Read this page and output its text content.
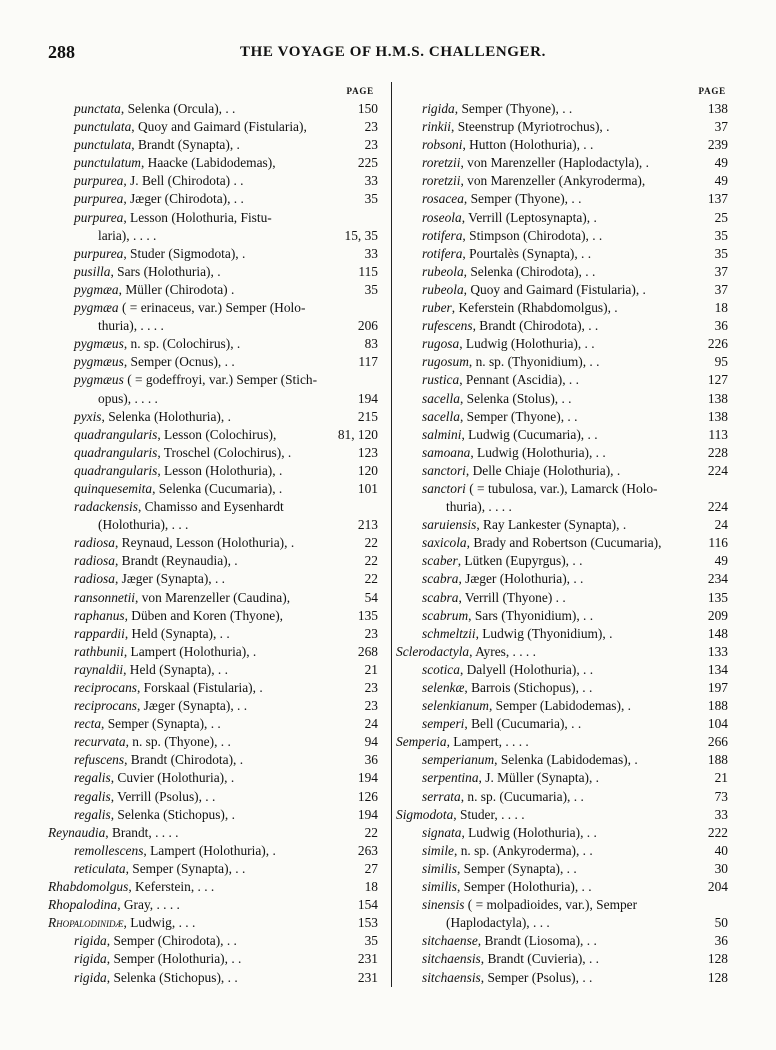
288	THE VOYAGE OF H.M.S. CHALLENGER.
PAGE
punctata, Selenka (Orcula), . .	150
punctulata, Quoy and Gaimard (Fistularia),	23
punctulata, Brandt (Synapta), .	23
punctulatum, Haacke (Labidodemas),	225
purpurea, J. Bell (Chirodota) . .	33
purpurea, Jæger (Chirodota), . .	35
purpurea, Lesson (Holothuria, Fistu-
laria), . . . .	15, 35
purpurea, Studer (Sigmodota), .	33
pusilla, Sars (Holothuria), .	115
pygmæa, Müller (Chirodota) .	35
pygmæa ( = erinaceus, var.) Semper (Holo-
thuria), . . . .	206
pygmæus, n. sp. (Colochirus), .	83
pygmæus, Semper (Ocnus), . .	117
pygmæus ( = godeffroyi, var.) Semper (Stich-
opus), . . . .	194
pyxis, Selenka (Holothuria), .	215
quadrangularis, Lesson (Colochirus),	81, 120
quadrangularis, Troschel (Colochirus), .	123
quadrangularis, Lesson (Holothuria), .	120
quinquesemita, Selenka (Cucumaria), .	101
radackensis, Chamisso and Eysenhardt
(Holothuria), . . .	213
radiosa, Reynaud, Lesson (Holothuria), .	22
radiosa, Brandt (Reynaudia), .	22
radiosa, Jæger (Synapta), . .	22
ransonnetii, von Marenzeller (Caudina),	54
raphanus, Düben and Koren (Thyone),	135
rappardii, Held (Synapta), . .	23
rathbunii, Lampert (Holothuria), .	268
raynaldii, Held (Synapta), . .	21
reciprocans, Forskaal (Fistularia), .	23
reciprocans, Jæger (Synapta), . .	23
recta, Semper (Synapta), . .	24
recurvata, n. sp. (Thyone), . .	94
refuscens, Brandt (Chirodota), .	36
regalis, Cuvier (Holothuria), .	194
regalis, Verrill (Psolus), . .	126
regalis, Selenka (Stichopus), .	194
Reynaudia, Brandt, . . . .	22
remollescens, Lampert (Holothuria), .	263
reticulata, Semper (Synapta), . .	27
Rhabdomolgus, Keferstein, . . .	18
Rhopalodina, Gray, . . . .	154
Rhopalodinidæ, Ludwig, . . .	153
rigida, Semper (Chirodota), . .	35
rigida, Semper (Holothuria), . .	231
rigida, Selenka (Stichopus), . .	231
PAGE
rigida, Semper (Thyone), . .	138
rinkii, Steenstrup (Myriotrochus), .	37
robsoni, Hutton (Holothuria), . .	239
roretzii, von Marenzeller (Haplodactyla), .	49
roretzii, von Marenzeller (Ankyroderma),	49
rosacea, Semper (Thyone), . .	137
roseola, Verrill (Leptosynapta), .	25
rotifera, Stimpson (Chirodota), . .	35
rotifera, Pourtalès (Synapta), . .	35
rubeola, Selenka (Chirodota), . .	37
rubeola, Quoy and Gaimard (Fistularia), .	37
ruber, Keferstein (Rhabdomolgus), .	18
rufescens, Brandt (Chirodota), . .	36
rugosa, Ludwig (Holothuria), . .	226
rugosum, n. sp. (Thyonidium), . .	95
rustica, Pennant (Ascidia), . .	127
sacella, Selenka (Stolus), . .	138
sacella, Semper (Thyone), . .	138
salmini, Ludwig (Cucumaria), . .	113
samoana, Ludwig (Holothuria), . .	228
sanctori, Delle Chiaje (Holothuria), .	224
sanctori ( = tubulosa, var.), Lamarck (Holo-
thuria), . . . .	224
saruiensis, Ray Lankester (Synapta), .	24
saxicola, Brady and Robertson (Cucumaria),	116
scaber, Lütken (Eupyrgus), . .	49
scabra, Jæger (Holothuria), . .	234
scabra, Verrill (Thyone) . .	135
scabrum, Sars (Thyonidium), . .	209
schmeltzii, Ludwig (Thyonidium), .	148
Sclerodactyla, Ayres, . . . .	133
scotica, Dalyell (Holothuria), . .	134
selenkæ, Barrois (Stichopus), . .	197
selenkianum, Semper (Labidodemas), .	188
semperi, Bell (Cucumaria), . .	104
Semperia, Lampert, . . . .	266
semperianum, Selenka (Labidodemas), .	188
serpentina, J. Müller (Synapta), .	21
serrata, n. sp. (Cucumaria), . .	73
Sigmodota, Studer, . . . .	33
signata, Ludwig (Holothuria), . .	222
simile, n. sp. (Ankyroderma), . .	40
similis, Semper (Synapta), . .	30
similis, Semper (Holothuria), . .	204
sinensis ( = molpadioides, var.), Semper
(Haplodactyla), . . .	50
sitchaense, Brandt (Liosoma), . .	36
sitchaensis, Brandt (Cuvieria), . .	128
sitchaensis, Semper (Psolus), . .	128
